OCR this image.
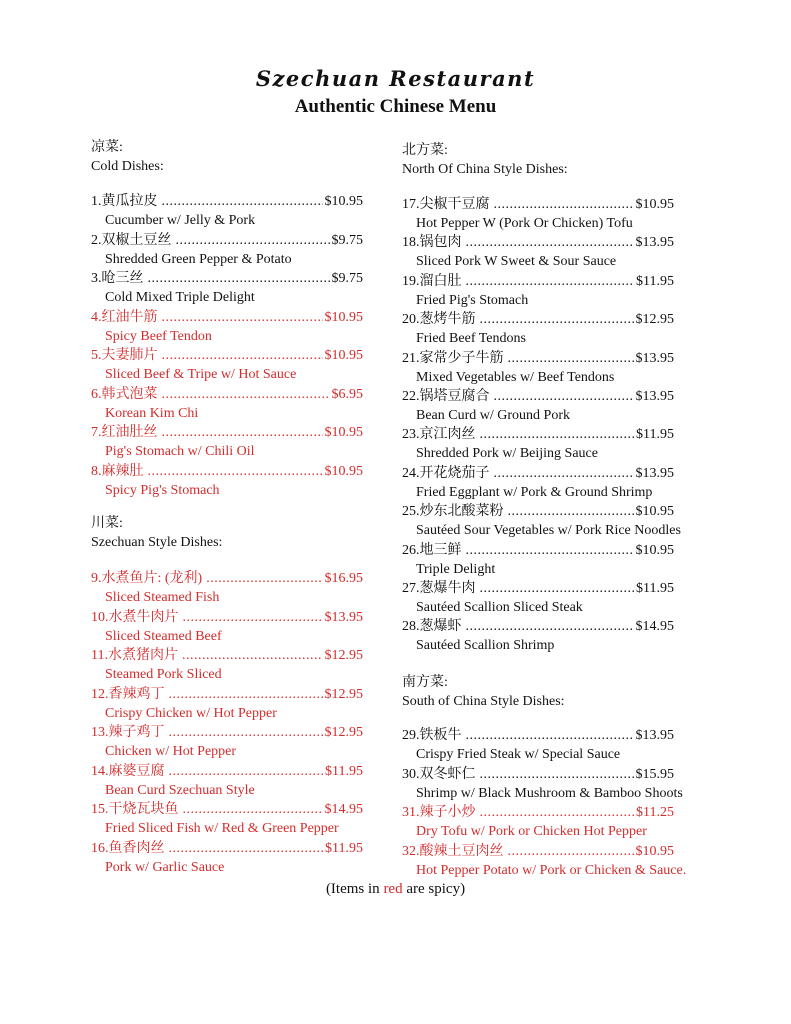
Szechuan Restaurant
Authentic Chinese Menu
凉菜:
Cold Dishes:
1.黄瓜拉皮 .....	$10.95
Cucumber w/ Jelly & Pork
2.双椒土豆丝 .....	$9.75
Shredded Green Pepper & Potato
3.呛三丝 .....	$9.75
Cold Mixed Triple Delight
4.红油牛筋 .....	$10.95
Spicy Beef Tendon
5.夫妻肺片 .....	$10.95
Sliced Beef & Tripe w/ Hot Sauce
6.韩式泡菜 .....	$6.95
Korean Kim Chi
7.红油肚丝 .....	$10.95
Pig's Stomach w/ Chili Oil
8.麻辣肚 .....	$10.95
Spicy Pig's Stomach
川菜:
Szechuan Style Dishes:
9.水煮鱼片: (龙利) .....	$16.95
Sliced Steamed Fish
10.水煮牛肉片 .....	$13.95
Sliced Steamed Beef
11.水煮猪肉片 .....	$12.95
Steamed Pork Sliced
12.香辣鸡丁 .....	$12.95
Crispy Chicken w/ Hot Pepper
13.辣子鸡丁 .....	$12.95
Chicken w/ Hot Pepper
14.麻婆豆腐 .....	$11.95
Bean Curd Szechuan Style
15.干烧瓦块鱼 .....	$14.95
Fried Sliced Fish w/ Red & Green Pepper
16.鱼香肉丝 .....	$11.95
Pork w/ Garlic Sauce
北方菜:
North Of China Style Dishes:
17.尖椒干豆腐 .....	$10.95
Hot Pepper W (Pork Or Chicken) Tofu
18.锅包肉 .....	$13.95
Sliced Pork W Sweet & Sour Sauce
19.溜白肚 .....	$11.95
Fried Pig's Stomach
20.葱烤牛筋 .....	$12.95
Fried Beef Tendons
21.家常少子牛筋 .....	$13.95
Mixed Vegetables w/ Beef Tendons
22.锅塔豆腐合 .....	$13.95
Bean Curd w/ Ground Pork
23.京江肉丝 .....	$11.95
Shredded Pork w/ Beijing Sauce
24.开花烧茄子 .....	$13.95
Fried Eggplant w/ Pork & Ground Shrimp
25.炒东北酸菜粉 .....	$10.95
Sautéed Sour Vegetables w/ Pork Rice Noodles
26.地三鲜 .....	$10.95
Triple Delight
27.葱爆牛肉 .....	$11.95
Sautéed Scallion Sliced Steak
28.葱爆虾 .....	$14.95
Sautéed Scallion Shrimp
南方菜:
South of China Style Dishes:
29.铁板牛 .....	$13.95
Crispy Fried Steak w/ Special Sauce
30.双冬虾仁 .....	$15.95
Shrimp w/ Black Mushroom & Bamboo Shoots
31.辣子小炒 .....	$11.25
Dry Tofu w/ Pork or Chicken Hot Pepper
32.酸辣土豆肉丝 .....	$10.95
Hot Pepper Potato w/ Pork or Chicken & Sauce.

(Items in red are spicy)
